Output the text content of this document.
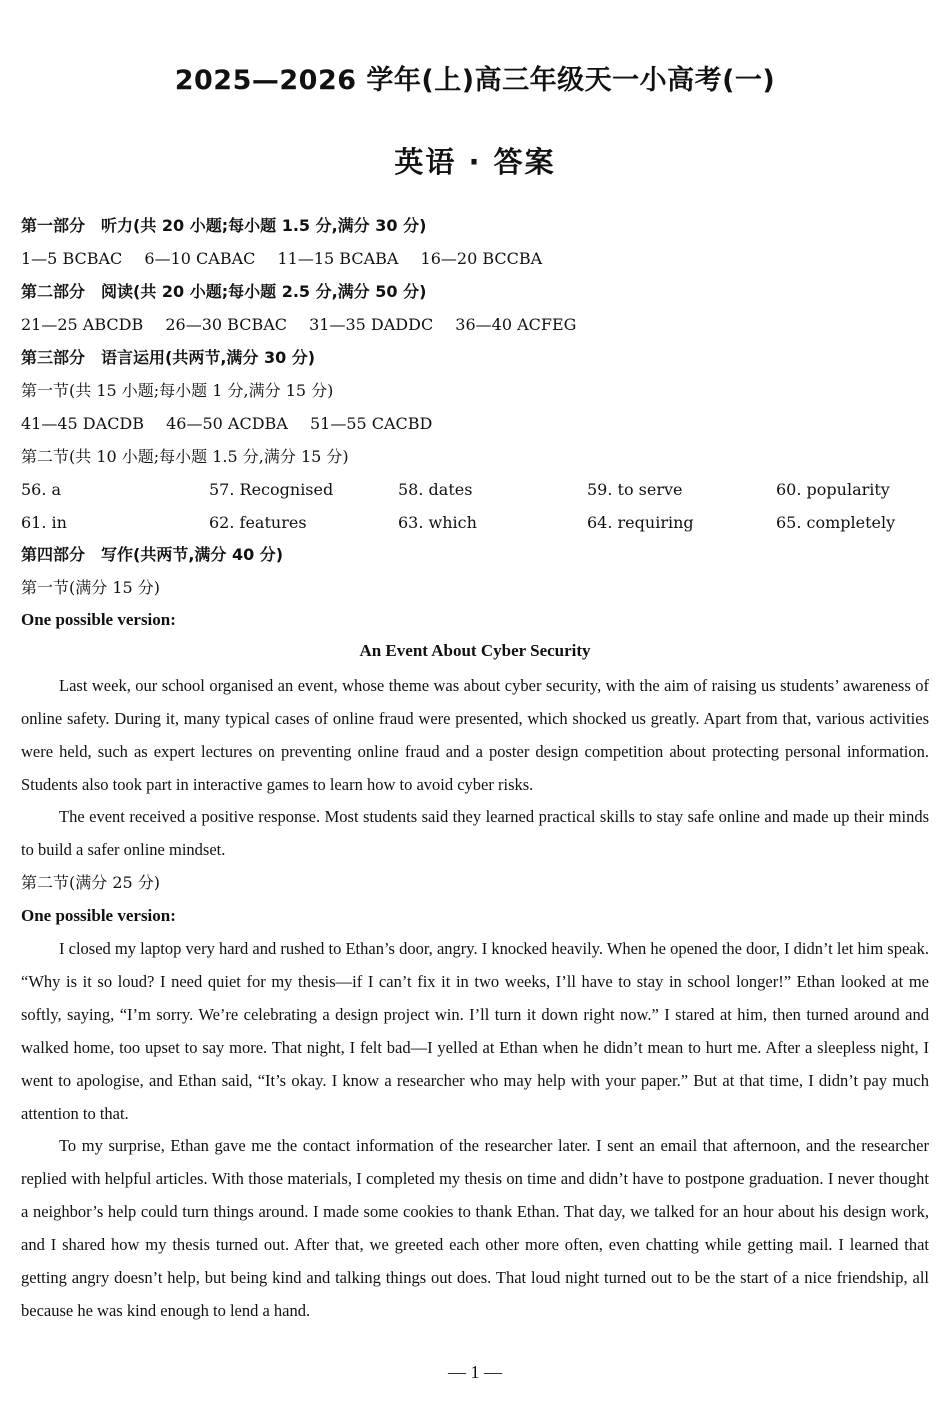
2025—2026 学年(上)高三年级天一小高考(一)
英语 · 答案
第一部分　听力(共 20 小题;每小题 1.5 分,满分 30 分)
1—5 BCBAC 6—10 CABAC 11—15 BCABA 16—20 BCCBA
第二部分　阅读(共 20 小题;每小题 2.5 分,满分 50 分)
21—25 ABCDB 26—30 BCBAC 31—35 DADDC 36—40 ACFEG
第三部分　语言运用(共两节,满分 30 分)
第一节(共 15 小题;每小题 1 分,满分 15 分)
41—45 DACDB 46—50 ACDBA 51—55 CACBD
第二节(共 10 小题;每小题 1.5 分,满分 15 分)
56. a	57. Recognised	58. dates	59. to serve	60. popularity
61. in	62. features	63. which	64. requiring	65. completely
第四部分　写作(共两节,满分 40 分)
第一节(满分 15 分)
One possible version:
An Event About Cyber Security

Last week, our school organised an event, whose theme was about cyber security, with the aim of raising us students’ awareness of online safety. During it, many typical cases of online fraud were presented, which shocked us greatly. Apart from that, various activities were held, such as expert lectures on preventing online fraud and a poster design competition about protecting personal information. Students also took part in interactive games to learn how to avoid cyber risks.

The event received a positive response. Most students said they learned practical skills to stay safe online and made up their minds to build a safer online mindset.

第二节(满分 25 分)
One possible version:

I closed my laptop very hard and rushed to Ethan’s door, angry. I knocked heavily. When he opened the door, I didn’t let him speak. “Why is it so loud? I need quiet for my thesis—if I can’t fix it in two weeks, I’ll have to stay in school longer!” Ethan looked at me softly, saying, “I’m sorry. We’re celebrating a design project win. I’ll turn it down right now.” I stared at him, then turned around and walked home, too upset to say more. That night, I felt bad—I yelled at Ethan when he didn’t mean to hurt me. After a sleepless night, I went to apologise, and Ethan said, “It’s okay. I know a researcher who may help with your paper.” But at that time, I didn’t pay much attention to that.

To my surprise, Ethan gave me the contact information of the researcher later. I sent an email that afternoon, and the researcher replied with helpful articles. With those materials, I completed my thesis on time and didn’t have to postpone graduation. I never thought a neighbor’s help could turn things around. I made some cookies to thank Ethan. That day, we talked for an hour about his design work, and I shared how my thesis turned out. After that, we greeted each other more often, even chatting while getting mail. I learned that getting angry doesn’t help, but being kind and talking things out does. That loud night turned out to be the start of a nice friendship, all because he was kind enough to lend a hand.

— 1 —
